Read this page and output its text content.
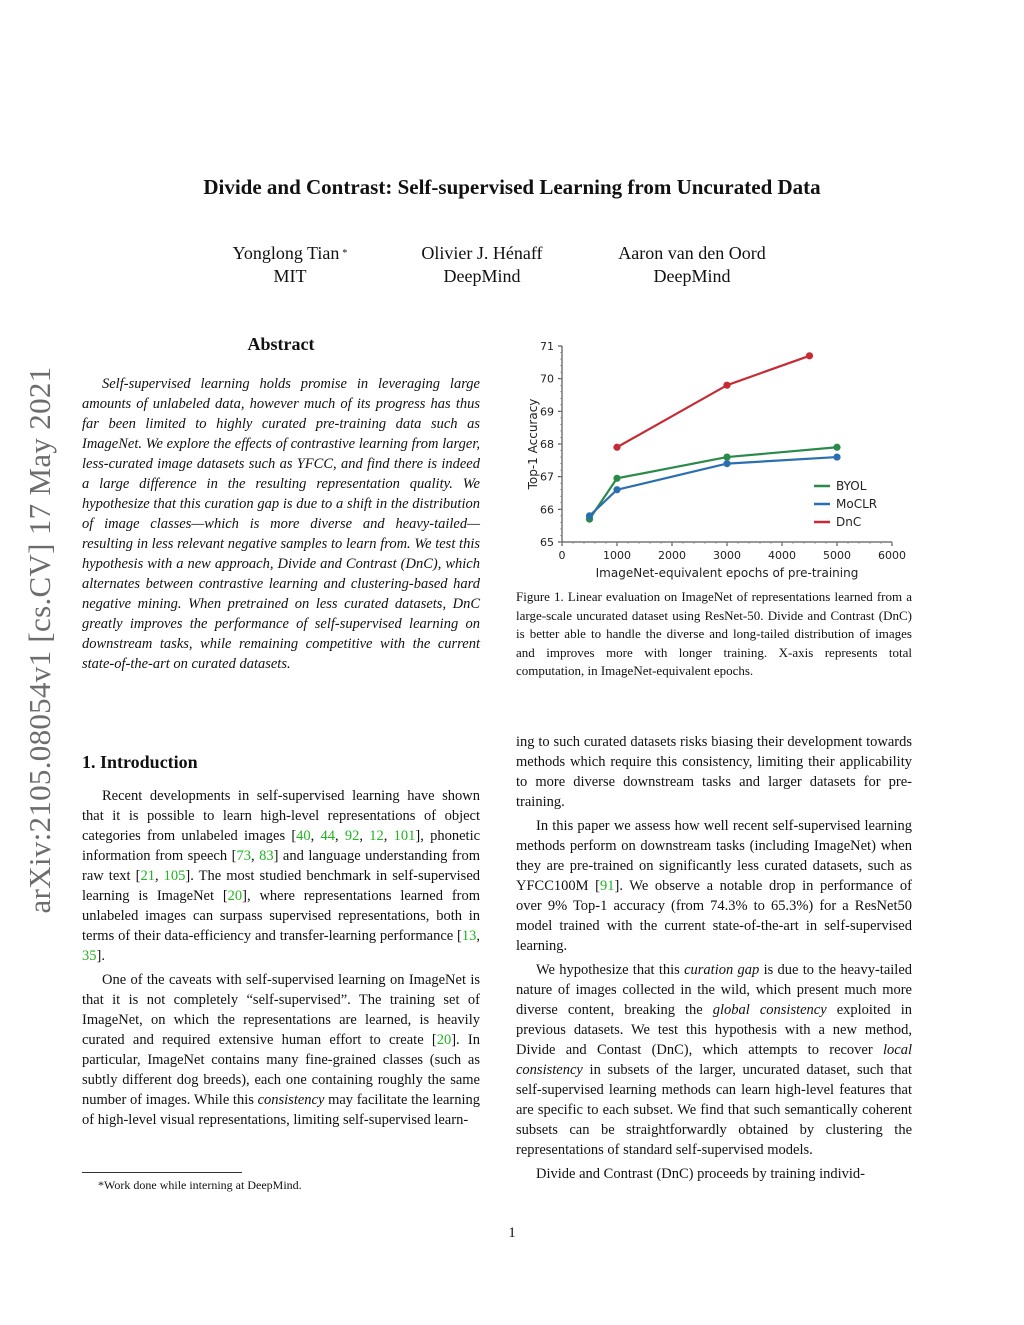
Divide and Contrast: Self-supervised Learning from Uncurated Data
Yonglong Tian *
MIT
Olivier J. Hénaff
DeepMind
Aaron van den Oord
DeepMind
arXiv:2105.08054v1 [cs.CV] 17 May 2021
Abstract

Self-supervised learning holds promise in leveraging large amounts of unlabeled data, however much of its progress has thus far been limited to highly curated pre-training data such as ImageNet. We explore the effects of contrastive learning from larger, less-curated image datasets such as YFCC, and find there is indeed a large difference in the resulting representation quality. We hypothesize that this curation gap is due to a shift in the distribution of image classes—which is more diverse and heavy-tailed—resulting in less relevant negative samples to learn from. We test this hypothesis with a new approach, Divide and Contrast (DnC), which alternates between contrastive learning and clustering-based hard negative mining. When pretrained on less curated datasets, DnC greatly improves the performance of self-supervised learning on downstream tasks, while remaining competitive with the current state-of-the-art on curated datasets.

1. Introduction

Recent developments in self-supervised learning have shown that it is possible to learn high-level representations of object categories from unlabeled images [40, 44, 92, 12, 101], phonetic information from speech [73, 83] and language understanding from raw text [21, 105]. The most studied benchmark in self-supervised learning is ImageNet [20], where representations learned from unlabeled images can surpass supervised representations, both in terms of their data-efficiency and transfer-learning performance [13, 35].

One of the caveats with self-supervised learning on ImageNet is that it is not completely “self-supervised”. The training set of ImageNet, on which the representations are learned, is heavily curated and required extensive human effort to create [20]. In particular, ImageNet contains many fine-grained classes (such as subtly different dog breeds), each one containing roughly the same number of images. While this consistency may facilitate the learning of high-level visual representations, limiting self-supervised learn-

*Work done while interning at DeepMind.
65
66
67
68
69
70
71
0	1000 2000 3000 4000 5000 6000
ImageNet-equivalent epochs of pre-training
Top-1 Accuracy	BYOL
MoCLR
DnC
Figure 1. Linear evaluation on ImageNet of representations learned from a large-scale uncurated dataset using ResNet-50. Divide and Contrast (DnC) is better able to handle the diverse and long-tailed distribution of images and improves more with longer training. X-axis represents total computation, in ImageNet-equivalent epochs.

ing to such curated datasets risks biasing their development towards methods which require this consistency, limiting their applicability to more diverse downstream tasks and larger datasets for pre-training.

In this paper we assess how well recent self-supervised learning methods perform on downstream tasks (including ImageNet) when they are pre-trained on significantly less curated datasets, such as YFCC100M [91]. We observe a notable drop in performance of over 9% Top-1 accuracy (from 74.3% to 65.3%) for a ResNet50 model trained with the current state-of-the-art in self-supervised learning.

We hypothesize that this curation gap is due to the heavy-tailed nature of images collected in the wild, which present much more diverse content, breaking the global consistency exploited in previous datasets. We test this hypothesis with a new method, Divide and Contast (DnC), which attempts to recover local consistency in subsets of the larger, uncurated dataset, such that self-supervised learning methods can learn high-level features that are specific to each subset. We find that such semantically coherent subsets can be straightforwardly obtained by clustering the representations of standard self-supervised models.

Divide and Contrast (DnC) proceeds by training individ-

1
